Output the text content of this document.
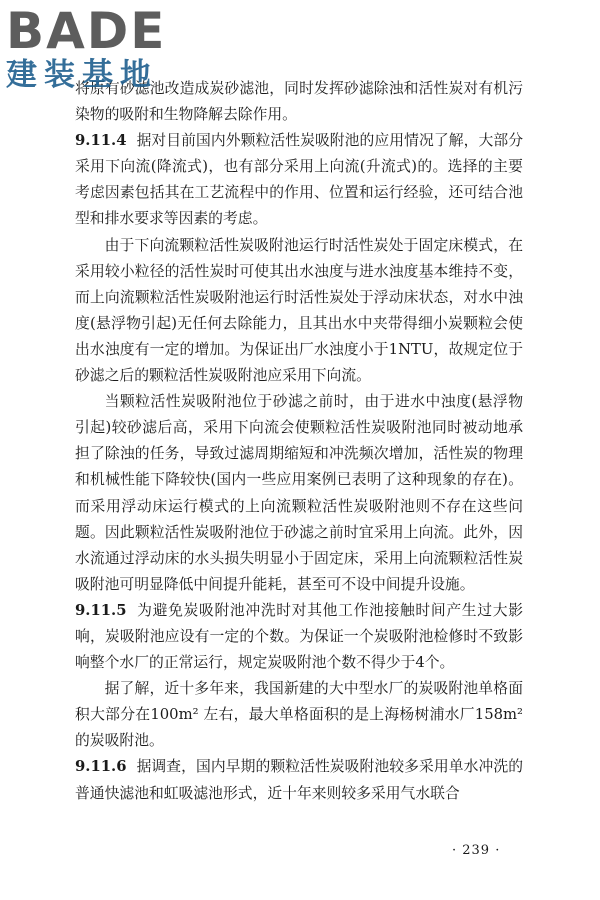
BADE
建装基地

将原有砂滤池改造成炭砂滤池，同时发挥砂滤除浊和活性炭对有机污染物的吸附和生物降解去除作用。

9.11.4 据对目前国内外颗粒活性炭吸附池的应用情况了解，大部分采用下向流(降流式)，也有部分采用上向流(升流式)的。选择的主要考虑因素包括其在工艺流程中的作用、位置和运行经验，还可结合池型和排水要求等因素的考虑。

由于下向流颗粒活性炭吸附池运行时活性炭处于固定床模式，在采用较小粒径的活性炭时可使其出水浊度与进水浊度基本维持不变，而上向流颗粒活性炭吸附池运行时活性炭处于浮动床状态，对水中浊度(悬浮物引起)无任何去除能力，且其出水中夹带得细小炭颗粒会使出水浊度有一定的增加。为保证出厂水浊度小于1NTU，故规定位于砂滤之后的颗粒活性炭吸附池应采用下向流。

当颗粒活性炭吸附池位于砂滤之前时，由于进水中浊度(悬浮物引起)较砂滤后高，采用下向流会使颗粒活性炭吸附池同时被动地承担了除浊的任务，导致过滤周期缩短和冲洗频次增加，活性炭的物理和机械性能下降较快(国内一些应用案例已表明了这种现象的存在)。而采用浮动床运行模式的上向流颗粒活性炭吸附池则不存在这些问题。因此颗粒活性炭吸附池位于砂滤之前时宜采用上向流。此外，因水流通过浮动床的水头损失明显小于固定床，采用上向流颗粒活性炭吸附池可明显降低中间提升能耗，甚至可不设中间提升设施。

9.11.5 为避免炭吸附池冲洗时对其他工作池接触时间产生过大影响，炭吸附池应设有一定的个数。为保证一个炭吸附池检修时不致影响整个水厂的正常运行，规定炭吸附池个数不得少于4个。

据了解，近十多年来，我国新建的大中型水厂的炭吸附池单格面积大部分在100m² 左右，最大单格面积的是上海杨树浦水厂158m² 的炭吸附池。

9.11.6 据调查，国内早期的颗粒活性炭吸附池较多采用单水冲洗的普通快滤池和虹吸滤池形式，近十年来则较多采用气水联合

· 239 ·
